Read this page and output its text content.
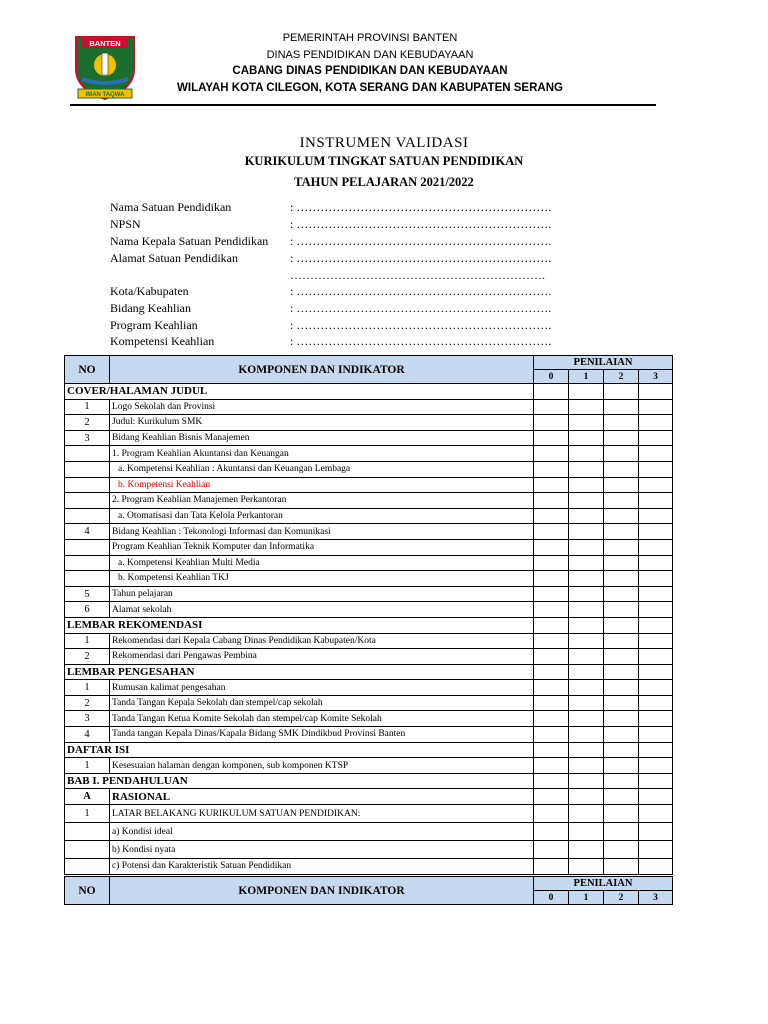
BANTEN
IMAN TAQWA
PEMERINTAH PROVINSI BANTEN
DINAS PENDIDIKAN DAN KEBUDAYAAN
CABANG DINAS PENDIDIKAN DAN KEBUDAYAAN
WILAYAH KOTA CILEGON, KOTA SERANG DAN KABUPATEN SERANG
INSTRUMEN VALIDASI
KURIKULUM TINGKAT SATUAN PENDIDIKAN
TAHUN PELAJARAN 2021/2022
Nama Satuan Pendidikan	: ……………………………………………………….
NPSN	: ……………………………………………………….
Nama Kepala Satuan Pendidikan : ……………………………………………………….
Alamat Satuan Pendidikan	: ……………………………………………………….
……………………………………………………….
Kota/Kabupaten	: ……………………………………………………….
Bidang Keahlian	: ……………………………………………………….
Program Keahlian	: ……………………………………………………….
Kompetensi Keahlian	: ……………………………………………………….
NO	KOMPONEN DAN INDIKATOR	PENILAIAN			
		0	1	2	3
COVER/HALAMAN JUDUL					
1	Logo Sekolah dan Provinsi				
2	Judul: Kurikulum SMK				
3	Bidang Keahlian Bisnis Manajemen				
	1. Program Keahlian Akuntansi dan Keuangan				
	a. Kompetensi Keahlian : Akuntansi dan Keuangan Lembaga				
	b. Kompetensi Keahlian				
	2. Program Keahlian Manajemen Perkantoran				
	a. Otomatisasi dan Tata Kelola Perkantoran				
4	Bidang Keahlian : Tekonologi Informasi dan Komunikasi				
	Program Keahlian Teknik Komputer dan Informatika				
	a. Kompetensi Keahlian Multi Media				
	b. Kompetensi Keahlian TKJ				
5	Tahun pelajaran				
6	Alamat sekolah				
LEMBAR REKOMENDASI					
1	Rekomendasi dari Kepala Cabang Dinas Pendidikan Kabupaten/Kota				
2	Rekomendasi dari Pengawas Pembina				
LEMBAR PENGESAHAN					
1	Rumusan kalimat pengesahan				
2	Tanda Tangan Kepala Sekolah dan stempel/cap sekolah				
3	Tanda Tangan Ketua Komite Sekolah dan stempel/cap Komite Sekolah				
4	Tanda tangan Kepala Dinas/Kapala Bidang SMK Dindikbud Provinsi Banten				
DAFTAR ISI					
1	Kesesuaian halaman dengan komponen, sub komponen KTSP				
BAB I. PENDAHULUAN					
A	RASIONAL				
1	LATAR BELAKANG KURIKULUM SATUAN PENDIDIKAN:				
	a) Kondisi ideal				
	b) Kondisi nyata				
	c) Potensi dan Karakteristik Satuan Pendidikan				
NO	KOMPONEN DAN INDIKATOR	PENILAIAN			
		0	1	2	3
